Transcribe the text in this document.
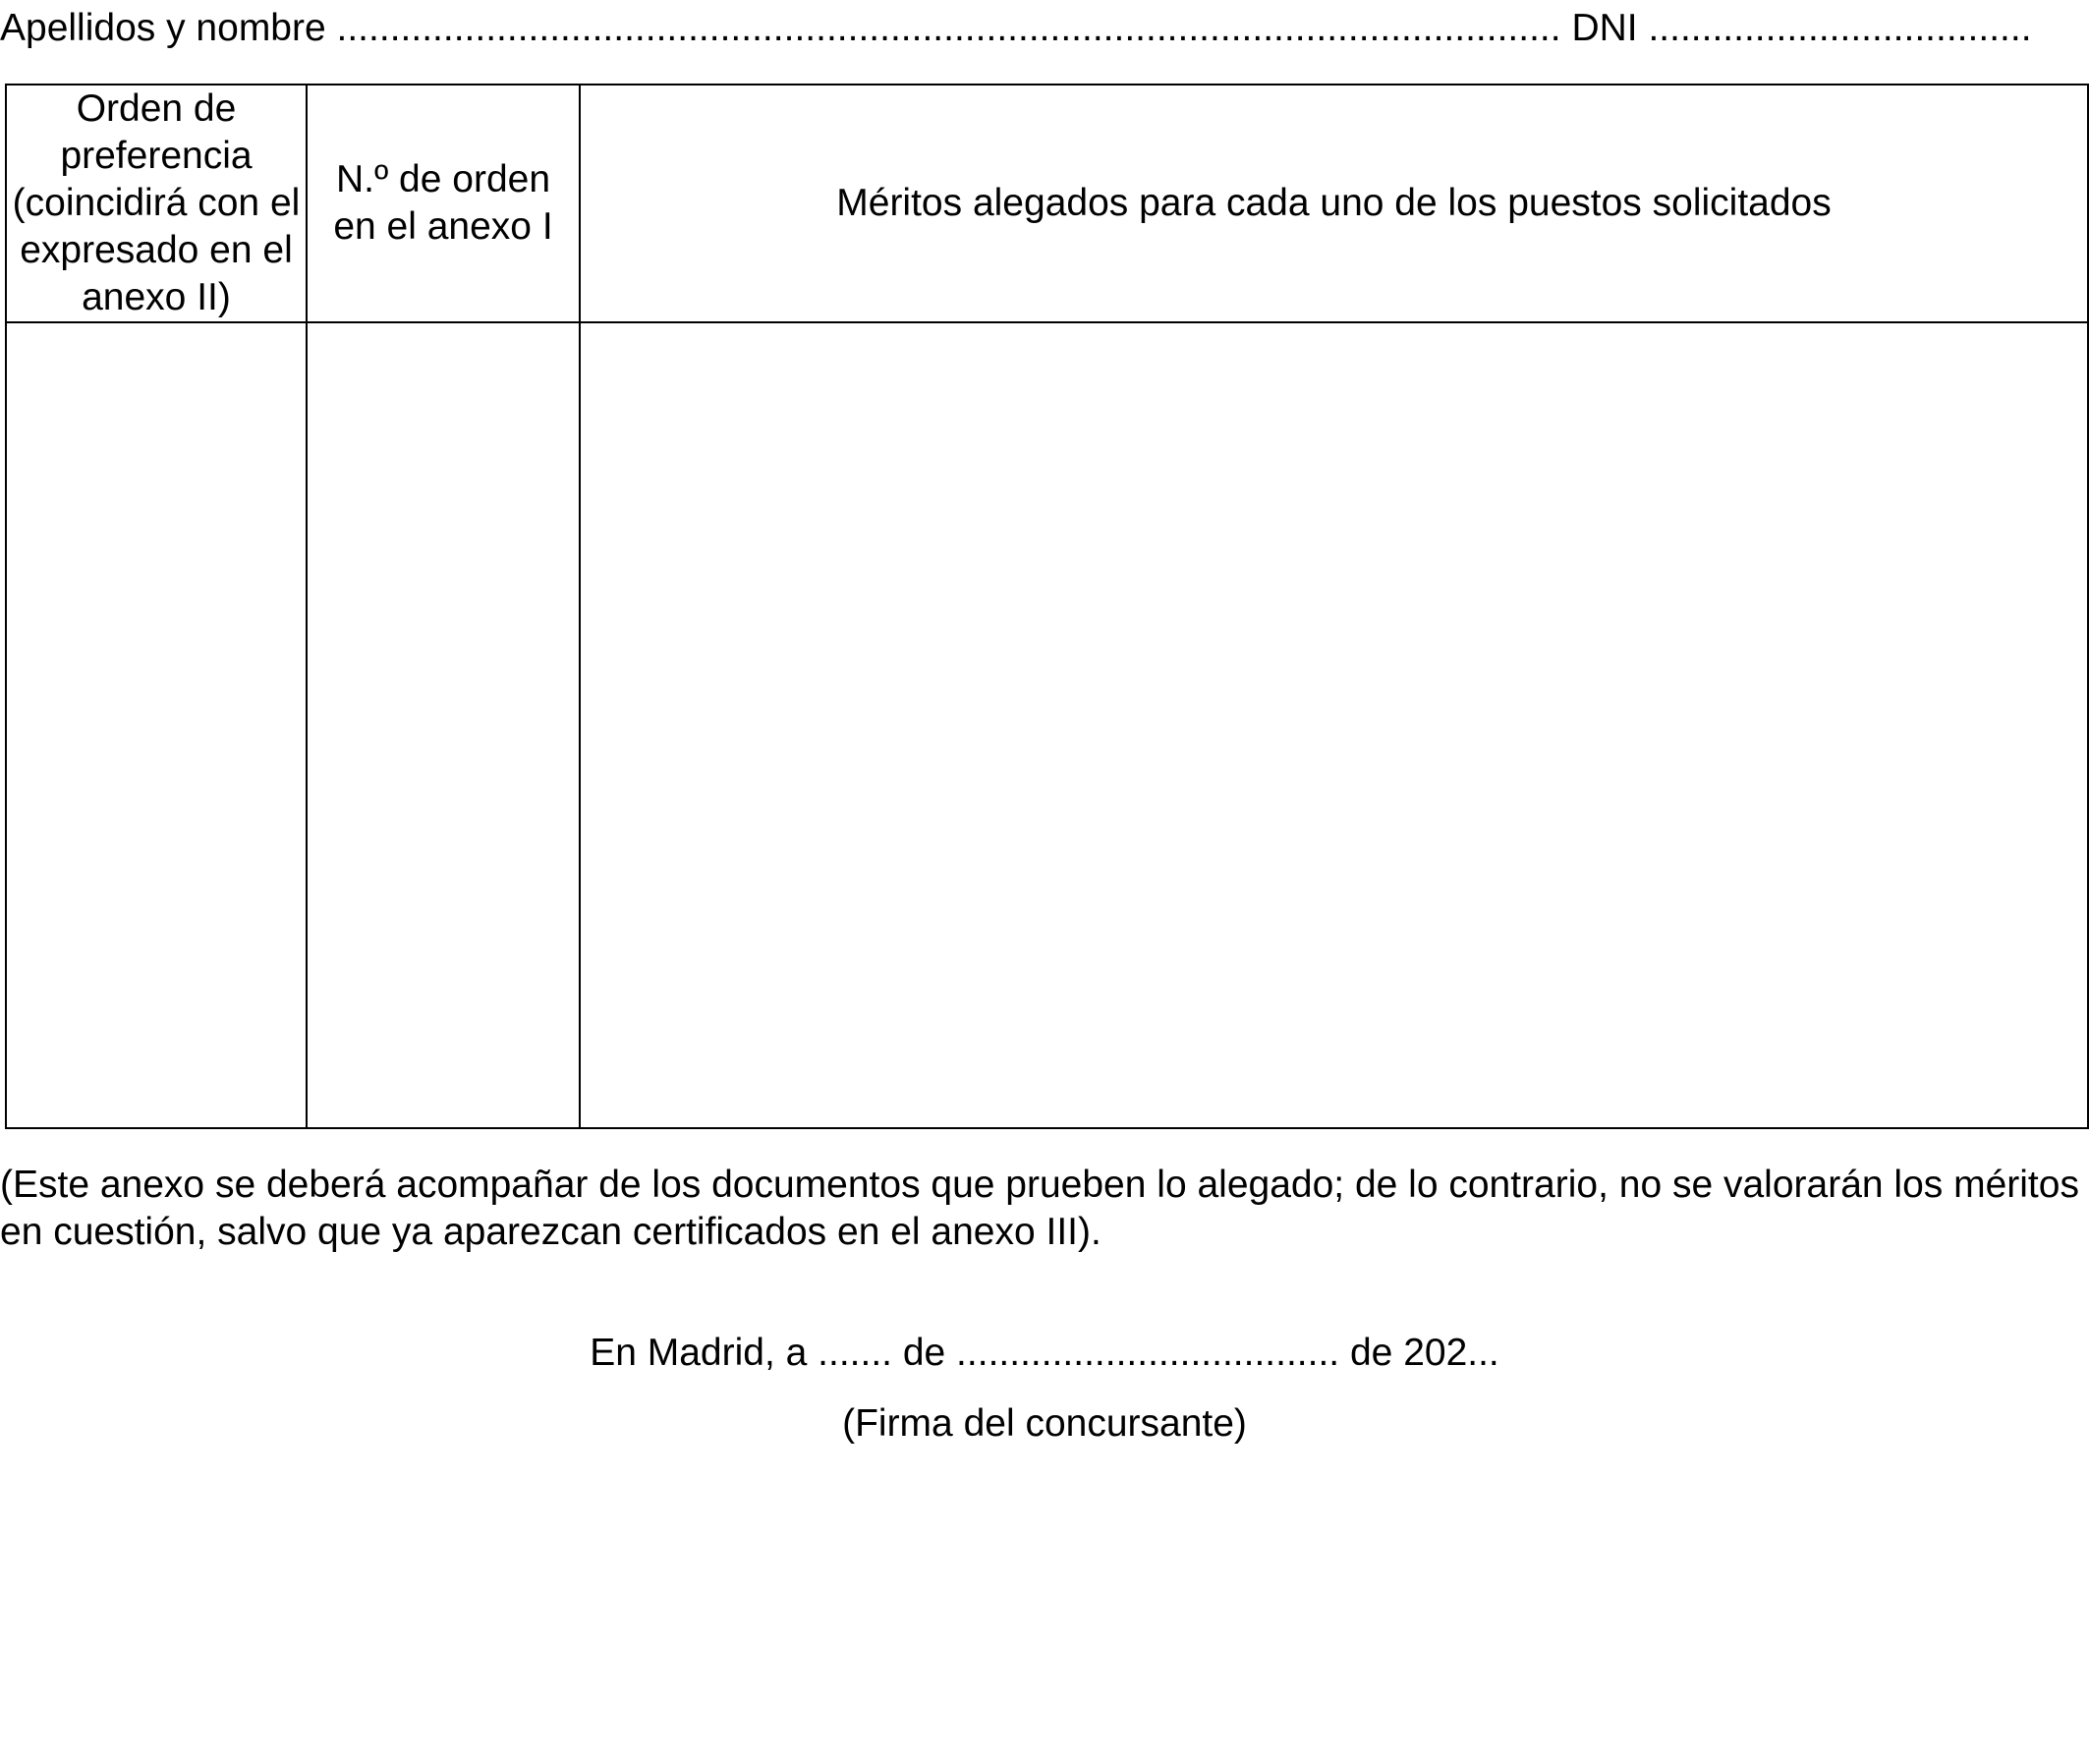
Apellidos y nombre ................................................................................................................... DNI ....................................
Orden de preferencia (coincidirá con el expresado en el anexo II)	N.º de orden en el anexo I	Méritos alegados para cada uno de los puestos solicitados

(Este anexo se deberá acompañar de los documentos que prueben lo alegado; de lo contrario, no se valorarán los méritos en cuestión, salvo que ya aparezcan certificados en el anexo III).
En Madrid, a ....... de .................................... de 202...
(Firma del concursante)
